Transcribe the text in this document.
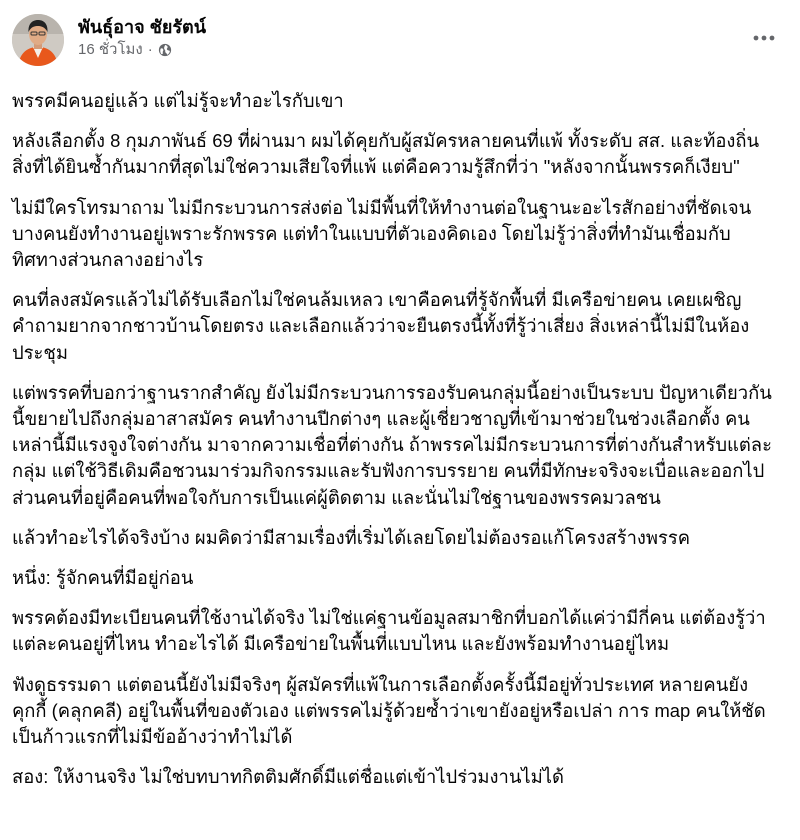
พันธุ์อาจ ชัยรัตน์
16 ชั่วโมง ·

พรรคมีคนอยู่แล้ว แต่ไม่รู้จะทำอะไรกับเขา

หลังเลือกตั้ง 8 กุมภาพันธ์ 69 ที่ผ่านมา ผมได้คุยกับผู้สมัครหลายคนที่แพ้ ทั้งระดับ สส. และท้องถิ่น สิ่งที่ได้ยินซ้ำกันมากที่สุดไม่ใช่ความเสียใจที่แพ้ แต่คือความรู้สึกที่ว่า "หลังจากนั้นพรรคก็เงียบ"

ไม่มีใครโทรมาถาม ไม่มีกระบวนการส่งต่อ ไม่มีพื้นที่ให้ทำงานต่อในฐานะอะไรสักอย่างที่ชัดเจน บางคนยังทำงานอยู่เพราะรักพรรค แต่ทำในแบบที่ตัวเองคิดเอง โดยไม่รู้ว่าสิ่งที่ทำมันเชื่อมกับทิศทางส่วนกลางอย่างไร

คนที่ลงสมัครแล้วไม่ได้รับเลือกไม่ใช่คนล้มเหลว เขาคือคนที่รู้จักพื้นที่ มีเครือข่ายคน เคยเผชิญคำถามยากจากชาวบ้านโดยตรง และเลือกแล้วว่าจะยืนตรงนี้ทั้งที่รู้ว่าเสี่ยง สิ่งเหล่านี้ไม่มีในห้องประชุม

แต่พรรคที่บอกว่าฐานรากสำคัญ ยังไม่มีกระบวนการรองรับคนกลุ่มนี้อย่างเป็นระบบ ปัญหาเดียวกันนี้ขยายไปถึงกลุ่มอาสาสมัคร คนทำงานปีกต่างๆ และผู้เชี่ยวชาญที่เข้ามาช่วยในช่วงเลือกตั้ง คนเหล่านี้มีแรงจูงใจต่างกัน มาจากความเชื่อที่ต่างกัน ถ้าพรรคไม่มีกระบวนการที่ต่างกันสำหรับแต่ละกลุ่ม แต่ใช้วิธีเดิมคือชวนมาร่วมกิจกรรมและรับฟังการบรรยาย คนที่มีทักษะจริงจะเบื่อและออกไป ส่วนคนที่อยู่คือคนที่พอใจกับการเป็นแค่ผู้ติดตาม และนั่นไม่ใช่ฐานของพรรคมวลชน

แล้วทำอะไรได้จริงบ้าง ผมคิดว่ามีสามเรื่องที่เริ่มได้เลยโดยไม่ต้องรอแก้โครงสร้างพรรค

หนึ่ง: รู้จักคนที่มีอยู่ก่อน

พรรคต้องมีทะเบียนคนที่ใช้งานได้จริง ไม่ใช่แค่ฐานข้อมูลสมาชิกที่บอกได้แค่ว่ามีกี่คน แต่ต้องรู้ว่าแต่ละคนอยู่ที่ไหน ทำอะไรได้ มีเครือข่ายในพื้นที่แบบไหน และยังพร้อมทำงานอยู่ไหม

ฟังดูธรรมดา แต่ตอนนี้ยังไม่มีจริงๆ ผู้สมัครที่แพ้ในการเลือกตั้งครั้งนี้มีอยู่ทั่วประเทศ หลายคนยังคุกกี้ (คลุกคลี) อยู่ในพื้นที่ของตัวเอง แต่พรรคไม่รู้ด้วยซ้ำว่าเขายังอยู่หรือเปล่า การ map คนให้ชัดเป็นก้าวแรกที่ไม่มีข้ออ้างว่าทำไม่ได้

สอง: ให้งานจริง ไม่ใช่บทบาทกิตติมศักดิ์มีแต่ชื่อแต่เข้าไปร่วมงานไม่ได้
